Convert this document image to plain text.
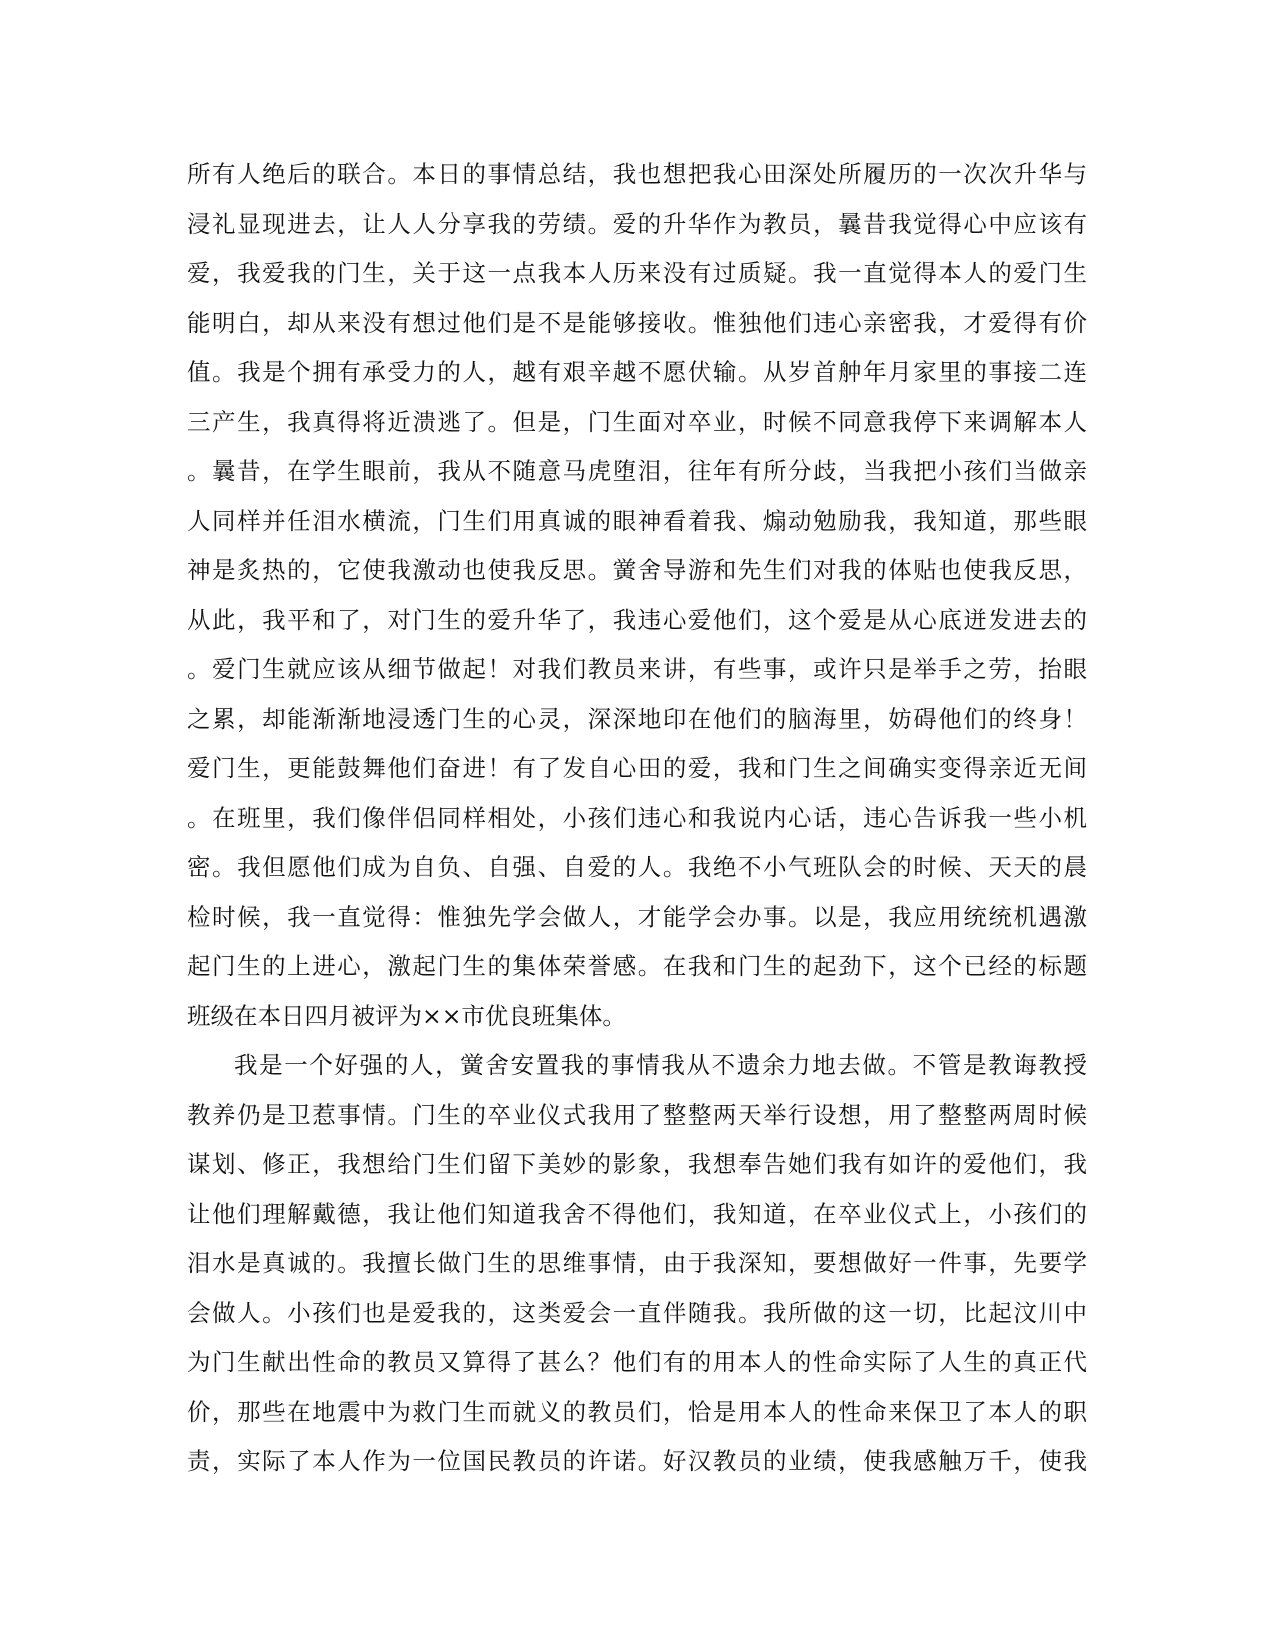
所有人绝后的联合。本日的事情总结，我也想把我心田深处所履历的一次次升华与
浸礼显现进去，让人人分享我的劳绩。爱的升华作为教员，曩昔我觉得心中应该有
爱，我爱我的门生，关于这一点我本人历来没有过质疑。我一直觉得本人的爱门生
能明白，却从来没有想过他们是不是能够接收。惟独他们违心亲密我，才爱得有价
值。我是个拥有承受力的人，越有艰辛越不愿伏输。从岁首舯年月家里的事接二连
三产生，我真得将近溃逃了。但是，门生面对卒业，时候不同意我停下来调解本人
。曩昔，在学生眼前，我从不随意马虎堕泪，往年有所分歧，当我把小孩们当做亲
人同样并任泪水横流，门生们用真诚的眼神看着我、煽动勉励我，我知道，那些眼
神是炙热的，它使我激动也使我反思。黉舍导游和先生们对我的体贴也使我反思，
从此，我平和了，对门生的爱升华了，我违心爱他们，这个爱是从心底迸发进去的
。爱门生就应该从细节做起！对我们教员来讲，有些事，或许只是举手之劳，抬眼
之累，却能渐渐地浸透门生的心灵，深深地印在他们的脑海里，妨碍他们的终身！
爱门生，更能鼓舞他们奋进！有了发自心田的爱，我和门生之间确实变得亲近无间
。在班里，我们像伴侣同样相处，小孩们违心和我说内心话，违心告诉我一些小机
密。我但愿他们成为自负、自强、自爱的人。我绝不小气班队会的时候、天天的晨
检时候，我一直觉得：惟独先学会做人，才能学会办事。以是，我应用统统机遇激
起门生的上进心，激起门生的集体荣誉感。在我和门生的起劲下，这个已经的标题
班级在本日四月被评为××市优良班集体。
我是一个好强的人，黉舍安置我的事情我从不遗余力地去做。不管是教诲教授
教养仍是卫惹事情。门生的卒业仪式我用了整整两天举行设想，用了整整两周时候
谋划、修正，我想给门生们留下美妙的影象，我想奉告她们我有如许的爱他们，我
让他们理解戴德，我让他们知道我舍不得他们，我知道，在卒业仪式上，小孩们的
泪水是真诚的。我擅长做门生的思维事情，由于我深知，要想做好一件事，先要学
会做人。小孩们也是爱我的，这类爱会一直伴随我。我所做的这一切，比起汶川中
为门生献出性命的教员又算得了甚么？他们有的用本人的性命实际了人生的真正代
价，那些在地震中为救门生而就义的教员们，恰是用本人的性命来保卫了本人的职
责，实际了本人作为一位国民教员的许诺。好汉教员的业绩，使我感触万千，使我
